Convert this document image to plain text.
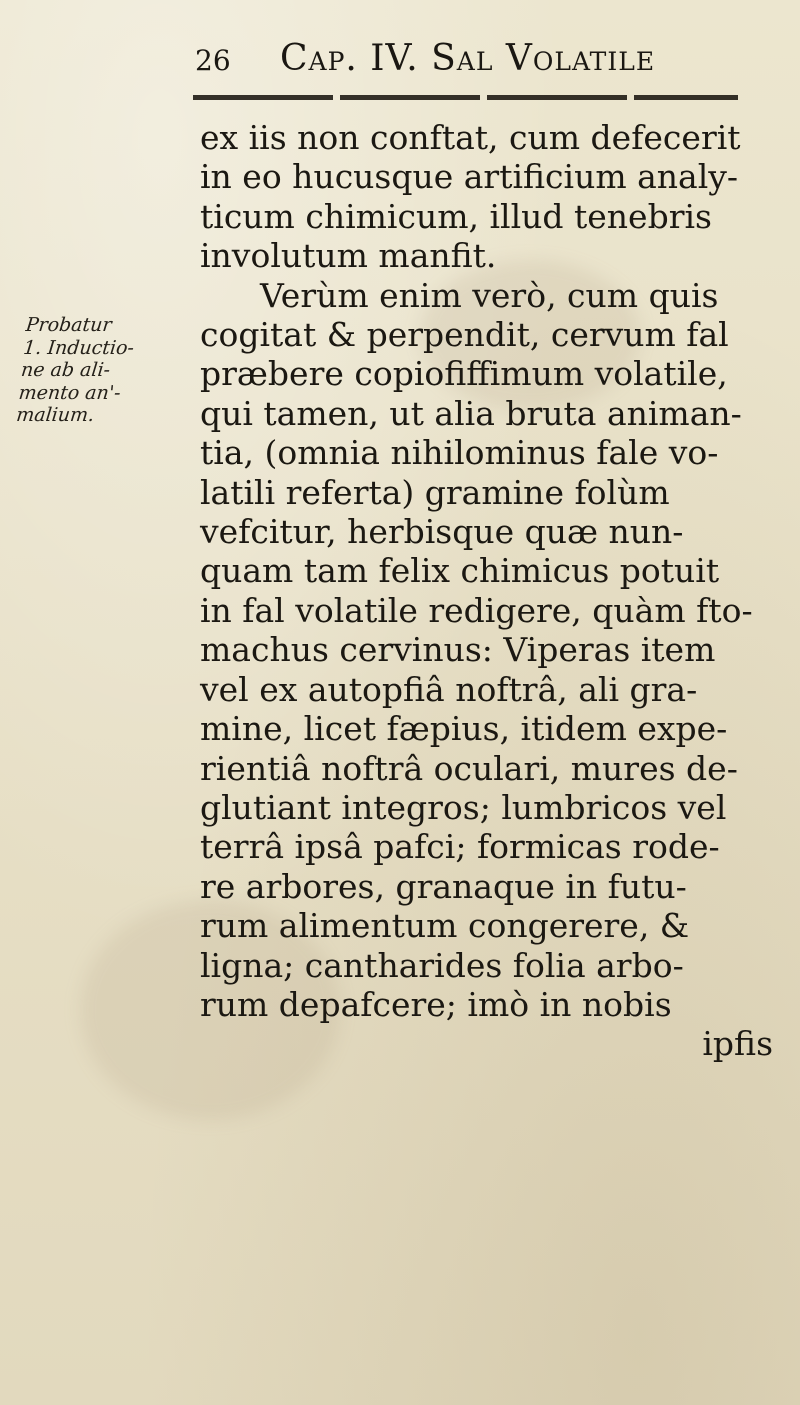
26 Cap. IV. Sal Volatile
Probatur
1. Inductio-
ne ab ali-
mento an'-
malium.
ex iis non conftat, cum defecerit
in eo hucusque artificium analy-
ticum chimicum, illud tenebris
involutum manfit.
Verùm enim verò, cum quis
cogitat & perpendit, cervum fal
præbere copiofiffimum volatile,
qui tamen, ut alia bruta animan-
tia, (omnia nihilominus fale vo-
latili referta) gramine folùm
vefcitur, herbisque quæ nun-
quam tam felix chimicus potuit
in fal volatile redigere, quàm fto-
machus cervinus: Viperas item
vel ex autopfiâ noftrâ, ali gra-
mine, licet fæpius, itidem expe-
rientiâ noftrâ oculari, mures de-
glutiant integros; lumbricos vel
terrâ ipsâ pafci; formicas rode-
re arbores, granaque in futu-
rum alimentum congerere, &
ligna; cantharides folia arbo-
rum depafcere; imò in nobis
ipfis
